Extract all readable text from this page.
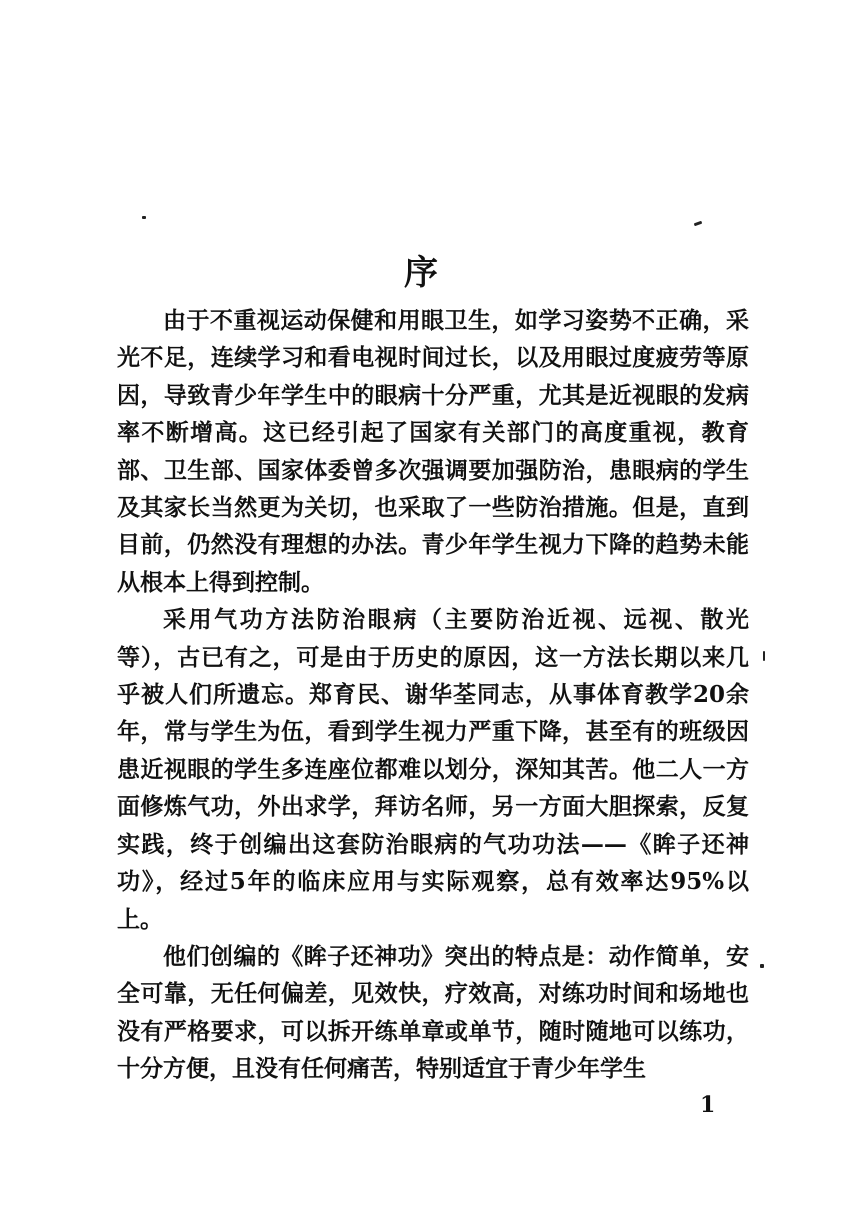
序

由于不重视运动保健和用眼卫生，如学习姿势不正确，采光不足，连续学习和看电视时间过长，以及用眼过度疲劳等原因，导致青少年学生中的眼病十分严重，尤其是近视眼的发病率不断增高。这已经引起了国家有关部门的高度重视，教育部、卫生部、国家体委曾多次强调要加强防治，患眼病的学生及其家长当然更为关切，也采取了一些防治措施。但是，直到目前，仍然没有理想的办法。青少年学生视力下降的趋势未能从根本上得到控制。

采用气功方法防治眼病（主要防治近视、远视、散光等），古已有之，可是由于历史的原因，这一方法长期以来几乎被人们所遗忘。郑育民、谢华荃同志，从事体育教学20余年，常与学生为伍，看到学生视力严重下降，甚至有的班级因患近视眼的学生多连座位都难以划分，深知其苦。他二人一方面修炼气功，外出求学，拜访名师，另一方面大胆探索，反复实践，终于创编出这套防治眼病的气功功法——《眸子还神功》，经过5年的临床应用与实际观察，总有效率达95%以上。

他们创编的《眸子还神功》突出的特点是：动作简单，安全可靠，无任何偏差，见效快，疗效高，对练功时间和场地也没有严格要求，可以拆开练单章或单节，随时随地可以练功，十分方便，且没有任何痛苦，特别适宜于青少年学生

1
